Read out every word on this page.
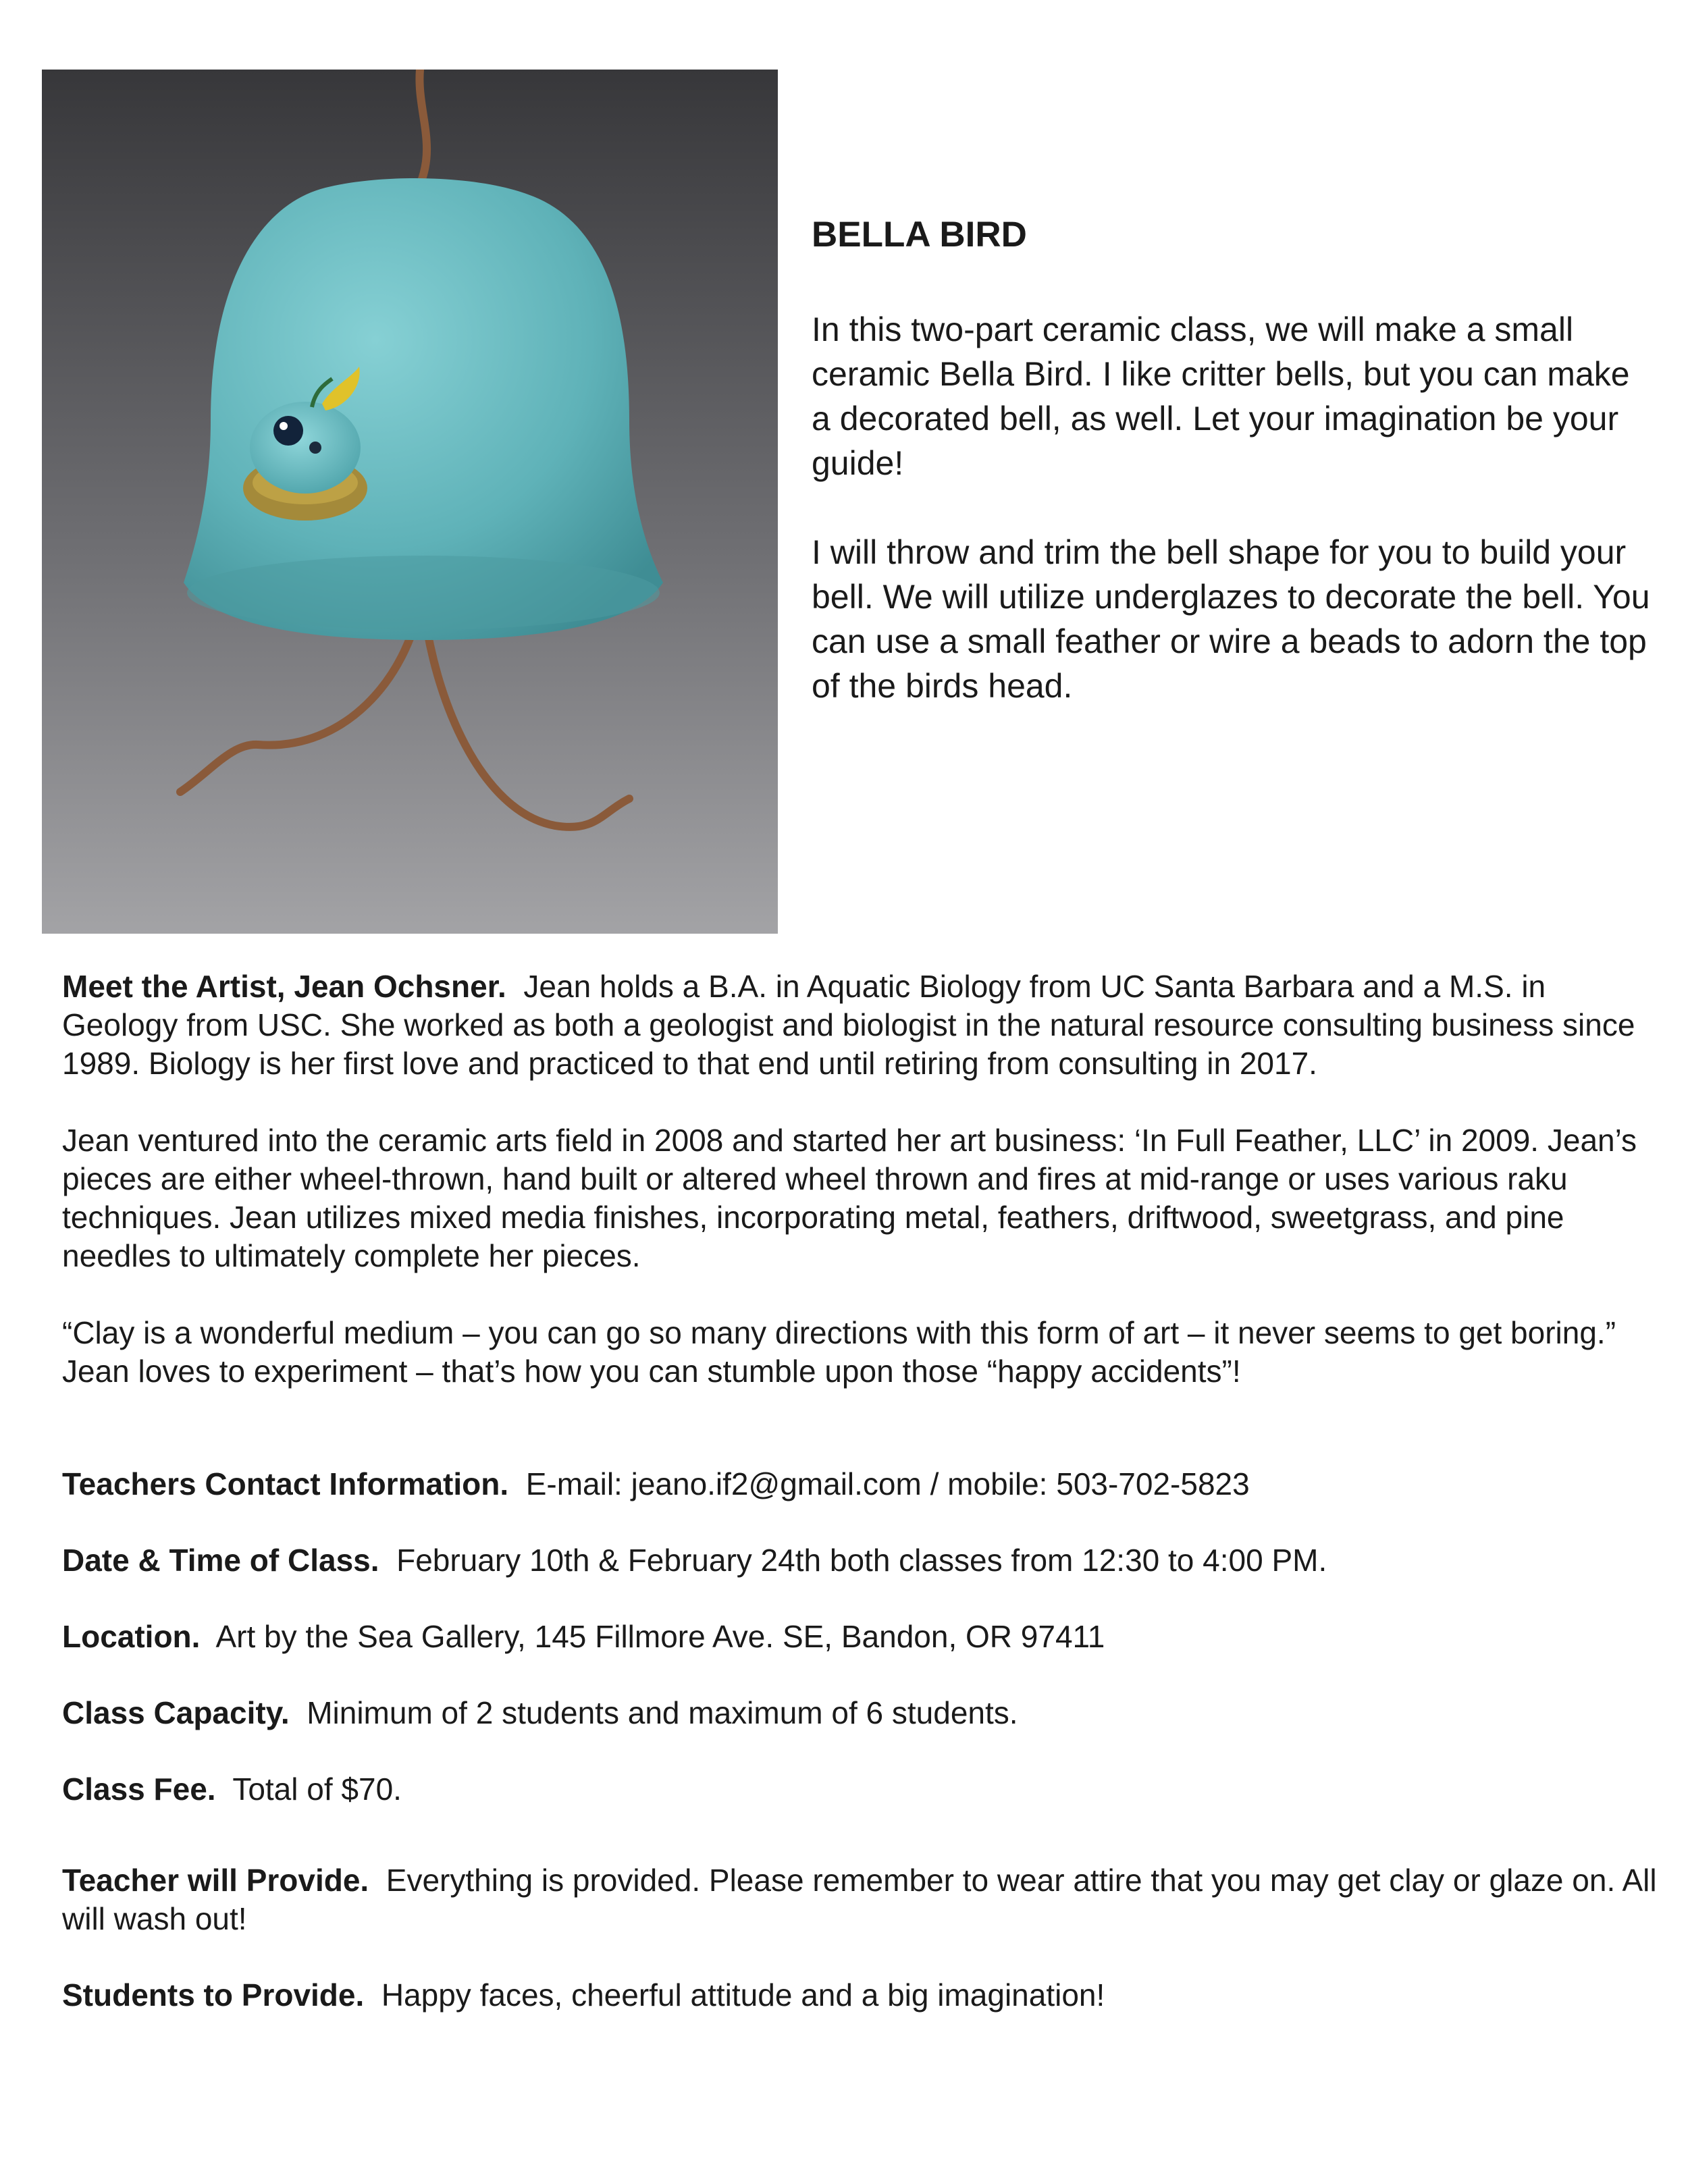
BELLA BIRD

In this two-part ceramic class, we will make a small ceramic Bella Bird. I like critter bells, but you can make a decorated bell, as well. Let your imagination be your guide!

I will throw and trim the bell shape for you to build your bell. We will utilize underglazes to decorate the bell. You can use a small feather or wire a beads to adorn the top of the birds head.

Meet the Artist, Jean Ochsner. Jean holds a B.A. in Aquatic Biology from UC Santa Barbara and a M.S. in Geology from USC. She worked as both a geologist and biologist in the natural resource consulting business since 1989. Biology is her first love and practiced to that end until retiring from consulting in 2017.

Jean ventured into the ceramic arts field in 2008 and started her art business: ‘In Full Feather, LLC’ in 2009. Jean’s pieces are either wheel-thrown, hand built or altered wheel thrown and fires at mid-range or uses various raku techniques. Jean utilizes mixed media finishes, incorporating metal, feathers, driftwood, sweetgrass, and pine needles to ultimately complete her pieces.

“Clay is a wonderful medium – you can go so many directions with this form of art – it never seems to get boring.” Jean loves to experiment – that’s how you can stumble upon those “happy accidents”!

Teachers Contact Information. E-mail: jeano.if2@gmail.com / mobile: 503-702-5823

Date & Time of Class. February 10th & February 24th both classes from 12:30 to 4:00 PM.

Location. Art by the Sea Gallery, 145 Fillmore Ave. SE, Bandon, OR 97411

Class Capacity. Minimum of 2 students and maximum of 6 students.

Class Fee. Total of $70.

Teacher will Provide. Everything is provided. Please remember to wear attire that you may get clay or glaze on. All will wash out!

Students to Provide. Happy faces, cheerful attitude and a big imagination!
